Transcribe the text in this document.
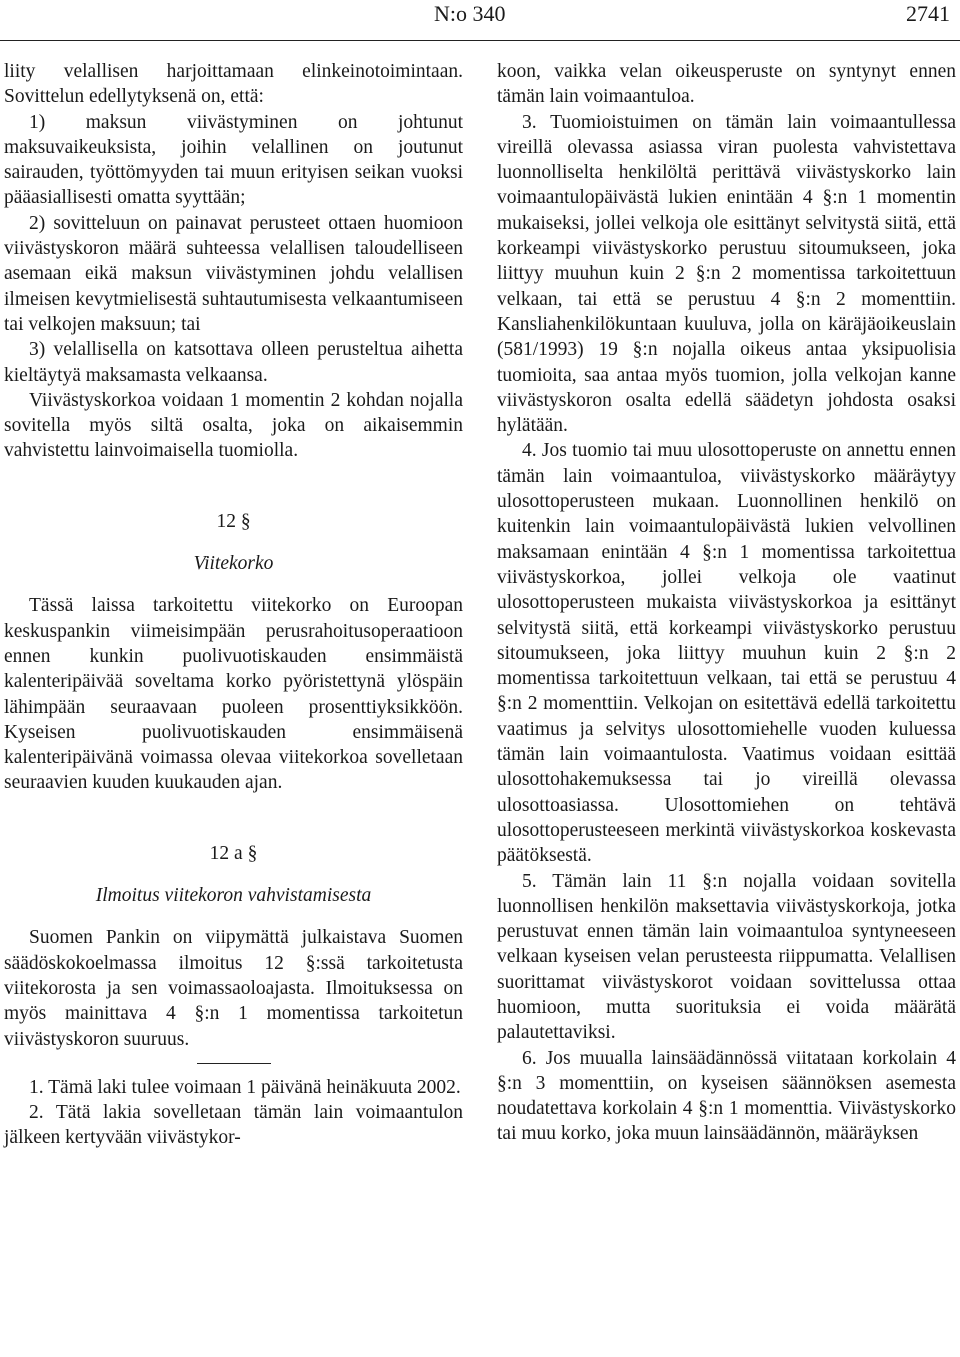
N:o 340	2741

liity velallisen harjoittamaan elinkeinotoimintaan. Sovittelun edellytyksenä on, että:

1) maksun viivästyminen on johtunut maksuvaikeuksista, joihin velallinen on joutunut sairauden, työttömyyden tai muun erityisen seikan vuoksi pääasiallisesti omatta syyttään;

2) sovitteluun on painavat perusteet ottaen huomioon viivästyskoron määrä suhteessa velallisen taloudelliseen asemaan eikä maksun viivästyminen johdu velallisen ilmeisen kevytmielisestä suhtautumisesta velkaantumiseen tai velkojen maksuun; tai

3) velallisella on katsottava olleen perusteltua aihetta kieltäytyä maksamasta velkaansa.

Viivästyskorkoa voidaan 1 momentin 2 kohdan nojalla sovitella myös siltä osalta, joka on aikaisemmin vahvistettu lainvoimaisella tuomiolla.

12 §

Viitekorko

Tässä laissa tarkoitettu viitekorko on Euroopan keskuspankin viimeisimpään perusrahoitusoperaatioon ennen kunkin puolivuotiskauden ensimmäistä kalenteripäivää soveltama korko pyöristettynä ylöspäin lähimpään seuraavaan puoleen prosenttiyksikköön. Kyseisen puolivuotiskauden ensimmäisenä kalenteripäivänä voimassa olevaa viitekorkoa sovelletaan seuraavien kuuden kuukauden ajan.

12 a §

Ilmoitus viitekoron vahvistamisesta

Suomen Pankin on viipymättä julkaistava Suomen säädöskokoelmassa ilmoitus 12 §:ssä tarkoitetusta viitekorosta ja sen voimassaoloajasta. Ilmoituksessa on myös mainittava 4 §:n 1 momentissa tarkoitetun viivästyskoron suuruus.

1. Tämä laki tulee voimaan 1 päivänä heinäkuuta 2002.

2. Tätä lakia sovelletaan tämän lain voimaantulon jälkeen kertyvään viivästykor-

koon, vaikka velan oikeusperuste on syntynyt ennen tämän lain voimaantuloa.

3. Tuomioistuimen on tämän lain voimaantullessa vireillä olevassa asiassa viran puolesta vahvistettava luonnolliselta henkilöltä perittävä viivästyskorko lain voimaantulopäivästä lukien enintään 4 §:n 1 momentin mukaiseksi, jollei velkoja ole esittänyt selvitystä siitä, että korkeampi viivästyskorko perustuu sitoumukseen, joka liittyy muuhun kuin 2 §:n 2 momentissa tarkoitettuun velkaan, tai että se perustuu 4 §:n 2 momenttiin. Kansliahenkilökuntaan kuuluva, jolla on käräjäoikeuslain (581/1993) 19 §:n nojalla oikeus antaa yksipuolisia tuomioita, saa antaa myös tuomion, jolla velkojan kanne viivästyskoron osalta edellä säädetyn johdosta osaksi hylätään.

4. Jos tuomio tai muu ulosottoperuste on annettu ennen tämän lain voimaantuloa, viivästyskorko määräytyy ulosottoperusteen mukaan. Luonnollinen henkilö on kuitenkin lain voimaantulopäivästä lukien velvollinen maksamaan enintään 4 §:n 1 momentissa tarkoitettua viivästyskorkoa, jollei velkoja ole vaatinut ulosottoperusteen mukaista viivästyskorkoa ja esittänyt selvitystä siitä, että korkeampi viivästyskorko perustuu sitoumukseen, joka liittyy muuhun kuin 2 §:n 2 momentissa tarkoitettuun velkaan, tai että se perustuu 4 §:n 2 momenttiin. Velkojan on esitettävä edellä tarkoitettu vaatimus ja selvitys ulosottomiehelle vuoden kuluessa tämän lain voimaantulosta. Vaatimus voidaan esittää ulosottohakemuksessa tai jo vireillä olevassa ulosottoasiassa. Ulosottomiehen on tehtävä ulosottoperusteeseen merkintä viivästyskorkoa koskevasta päätöksestä.

5. Tämän lain 11 §:n nojalla voidaan sovitella luonnollisen henkilön maksettavia viivästyskorkoja, jotka perustuvat ennen tämän lain voimaantuloa syntyneeseen velkaan kyseisen velan perusteesta riippumatta. Velallisen suorittamat viivästyskorot voidaan sovittelussa ottaa huomioon, mutta suorituksia ei voida määrätä palautettaviksi.

6. Jos muualla lainsäädännössä viitataan korkolain 4 §:n 3 momenttiin, on kyseisen säännöksen asemesta noudatettava korkolain 4 §:n 1 momenttia. Viivästyskorko tai muu korko, joka muun lainsäädännön, määräyksen
